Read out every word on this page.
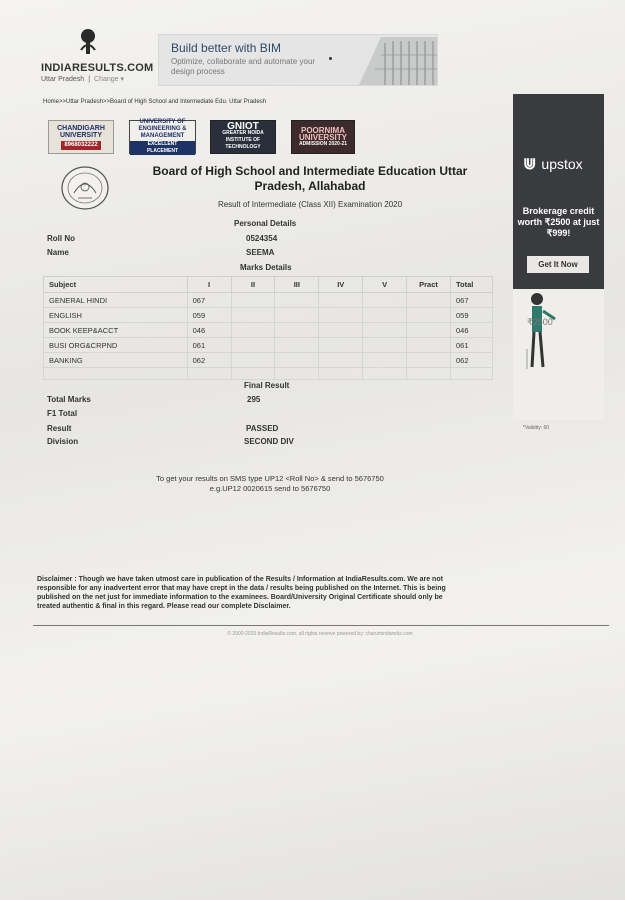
INDIARESULTS.COM
Uttar Pradesh | Change ▾
Build better with BIM
Optimize, collaborate and automate your design process
Home>>Uttar Pradesh>>Board of High School and Intermediate Edu. Uttar Pradesh
CHANDIGARH UNIVERSITY
8968032222
UNIVERSITY OF ENGINEERING & MANAGEMENT
EXCELLENT PLACEMENT
GNIOT
GREATER NOIDA INSTITUTE OF TECHNOLOGY
POORNIMA UNIVERSITY
ADMISSION 2020-21
Board of High School and Intermediate Education Uttar Pradesh, Allahabad
Result of Intermediate (Class XII) Examination 2020
Personal Details
Roll No	0524354
Name	SEEMA
Marks Details
Subject	I	II	III	IV	V	Pract	Total
GENERAL HINDI	067						067
ENGLISH	059						059
BOOK KEEP&ACCT	046						046
BUSI ORG&CRPND	061						061
BANKING	062						062

Final Result
Total Marks	295
F1 Total
Result	PASSED
Division	SECOND DIV
To get your results on SMS type UP12 <Roll No> & send to 5676750
e.g.UP12 0020615 send to 5676750
Disclaimer : Though we have taken utmost care in publication of the Results / Information at IndiaResults.com. We are not responsible for any inadvertent error that may have crept in the data / results being published on the Internet. This is being published on the net just for immediate information to the examinees. Board/University Original Certificate should only be treated authentic & final in this regard. Please read our complete Disclaimer.
© 2000-2020 IndiaResults.com, all rights reserve powered by: charumindworks.com
⋓ upstox
Brokerage credit worth ₹2500 at just ₹999!
Get It Now
₹2500
*Validity: 60
